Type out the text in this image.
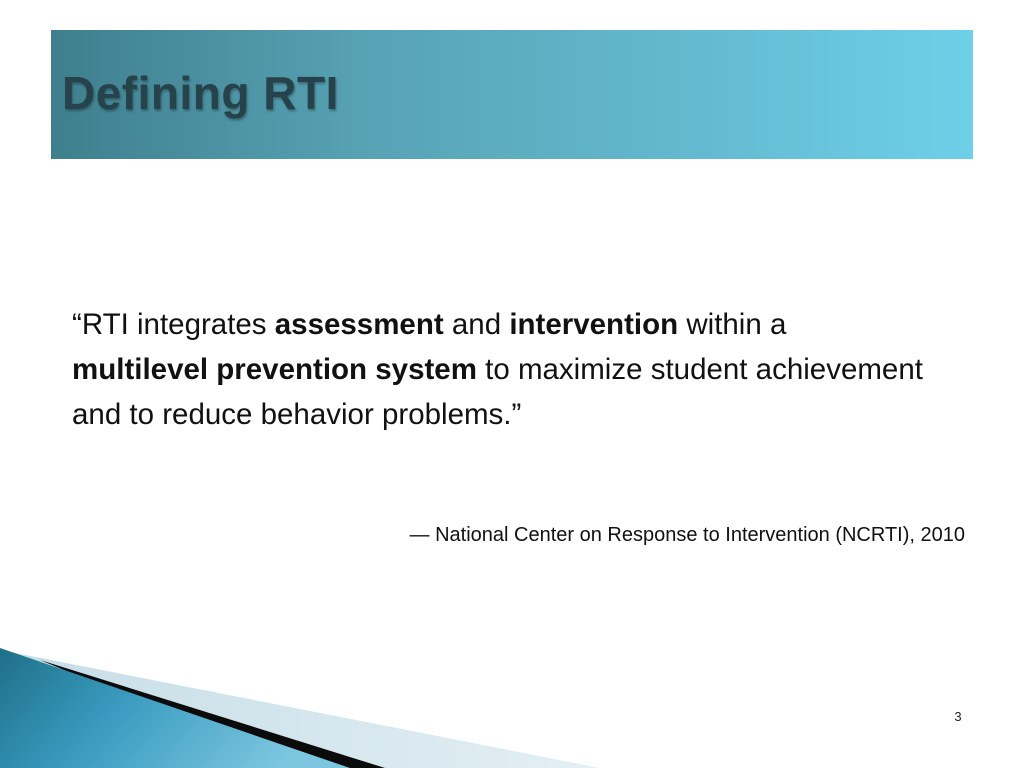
Defining RTI

“RTI integrates assessment and intervention within a
multilevel prevention system to maximize student achievement and to reduce behavior problems.”

— National Center on Response to Intervention (NCRTI), 2010

3
